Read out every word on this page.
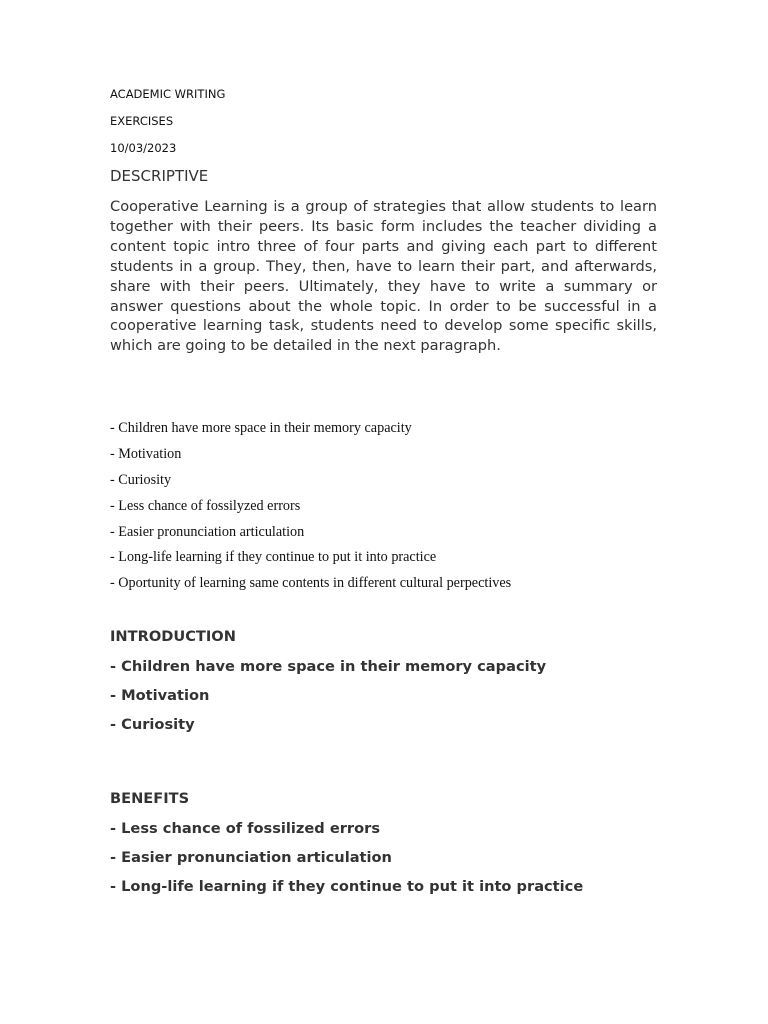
ACADEMIC WRITING
EXERCISES
10/03/2023
DESCRIPTIVE

Cooperative Learning is a group of strategies that allow students to learn together with their peers. Its basic form includes the teacher dividing a content topic intro three of four parts and giving each part to different students in a group. They, then, have to learn their part, and afterwards, share with their peers. Ultimately, they have to write a summary or answer questions about the whole topic. In order to be successful in a cooperative learning task, students need to develop some specific skills, which are going to be detailed in the next paragraph.

- Children have more space in their memory capacity
- Motivation
- Curiosity
- Less chance of fossilyzed errors
- Easier pronunciation articulation
- Long-life learning if they continue to put it into practice
- Oportunity of learning same contents in different cultural perpectives
INTRODUCTION
- Children have more space in their memory capacity
- Motivation
- Curiosity
BENEFITS
- Less chance of fossilized errors
- Easier pronunciation articulation
- Long-life learning if they continue to put it into practice
